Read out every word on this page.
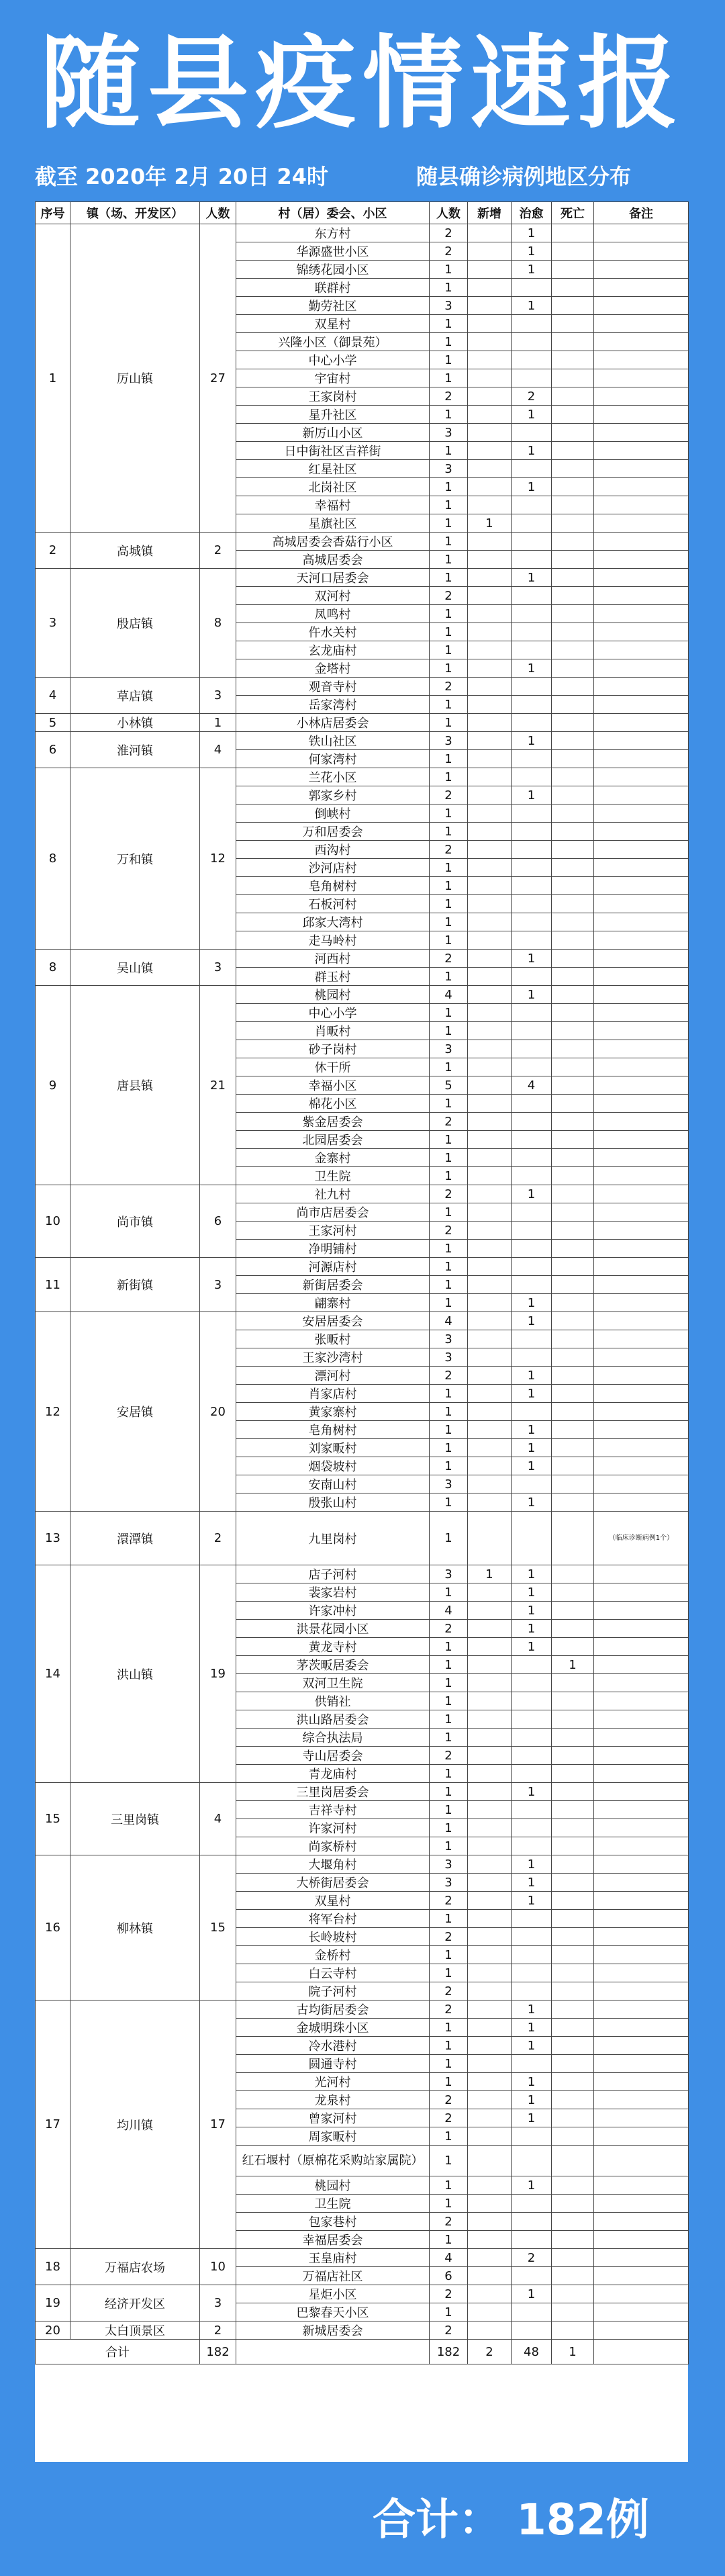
随县疫情速报
截至 2020年 2月 20日 24时	随县确诊病例地区分布
序号	镇（场、开发区）	人数	村（居）委会、小区	人数	新增	治愈	死亡	备注
1	厉山镇	27	东方村	2		1		
			华源盛世小区	2		1		
			锦绣花园小区	1		1		
			联群村	1				
			勤劳社区	3		1		
			双星村	1				
			兴隆小区（御景苑）	1				
			中心小学	1				
			宇宙村	1				
			王家岗村	2		2		
			星升社区	1		1		
			新厉山小区	3				
			日中街社区吉祥街	1		1		
			红星社区	3				
			北岗社区	1		1		
			幸福村	1				
			星旗社区	1	1			
2	高城镇	2	高城居委会香菇行小区	1				
			高城居委会	1				
3	殷店镇	8	天河口居委会	1		1		
			双河村	2				
			凤鸣村	1				
			仵水关村	1				
			玄龙庙村	1				
			金塔村	1		1		
4	草店镇	3	观音寺村	2				
			岳家湾村	1				
5	小林镇	1	小林店居委会	1				
6	淮河镇	4	铁山社区	3		1		
			何家湾村	1				
8	万和镇	12	兰花小区	1				
			郭家乡村	2		1		
			倒峡村	1				
			万和居委会	1				
			西沟村	2				
			沙河店村	1				
			皂角树村	1				
			石板河村	1				
			邱家大湾村	1				
			走马岭村	1				
8	吴山镇	3	河西村	2		1		
			群玉村	1				
9	唐县镇	21	桃园村	4		1		
			中心小学	1				
			肖畈村	1				
			砂子岗村	3				
			休干所	1				
			幸福小区	5		4		
			棉花小区	1				
			紫金居委会	2				
			北园居委会	1				
			金寨村	1				
			卫生院	1				
10	尚市镇	6	社九村	2		1		
			尚市店居委会	1				
			王家河村	2				
			净明铺村	1				
11	新街镇	3	河源店村	1				
			新街居委会	1				
			翩寨村	1		1		
12	安居镇	20	安居居委会	4		1		
			张畈村	3				
			王家沙湾村	3				
			漂河村	2		1		
			肖家店村	1		1		
			黄家寨村	1				
			皂角树村	1		1		
			刘家畈村	1		1		
			烟袋坡村	1		1		
			安南山村	3				
			殷张山村	1		1		
13	澴潭镇	2	九里岗村	1				（临床诊断病例1个）
14	洪山镇	19	店子河村	3	1	1		
			裴家岩村	1		1		
			许家冲村	4		1		
			洪景花园小区	2		1		
			黄龙寺村	1		1		
			茅茨畈居委会	1			1	
			双河卫生院	1				
			供销社	1				
			洪山路居委会	1				
			综合执法局	1				
			寺山居委会	2				
			青龙庙村	1				
15	三里岗镇	4	三里岗居委会	1		1		
			吉祥寺村	1				
			许家河村	1				
			尚家桥村	1				
16	柳林镇	15	大堰角村	3		1		
			大桥街居委会	3		1		
			双星村	2		1		
			将军台村	1				
			长岭坡村	2				
			金桥村	1				
			白云寺村	1				
			院子河村	2				
17	均川镇	17	古均街居委会	2		1		
			金城明珠小区	1		1		
			冷水港村	1		1		
			圆通寺村	1				
			光河村	1		1		
			龙泉村	2		1		
			曾家河村	2		1		
			周家畈村	1				
			红石堰村（原棉花采购站家属院）	1				
			桃园村	1		1		
			卫生院	1				
			包家巷村	2				
			幸福居委会	1				
18	万福店农场	10	玉皇庙村	4		2		
			万福店社区	6				
19	经济开发区	3	星炬小区	2		1		
			巴黎春天小区	1				
20	太白顶景区	2	新城居委会	2				
合计		182		182	2	48	1	
合计： 182例
